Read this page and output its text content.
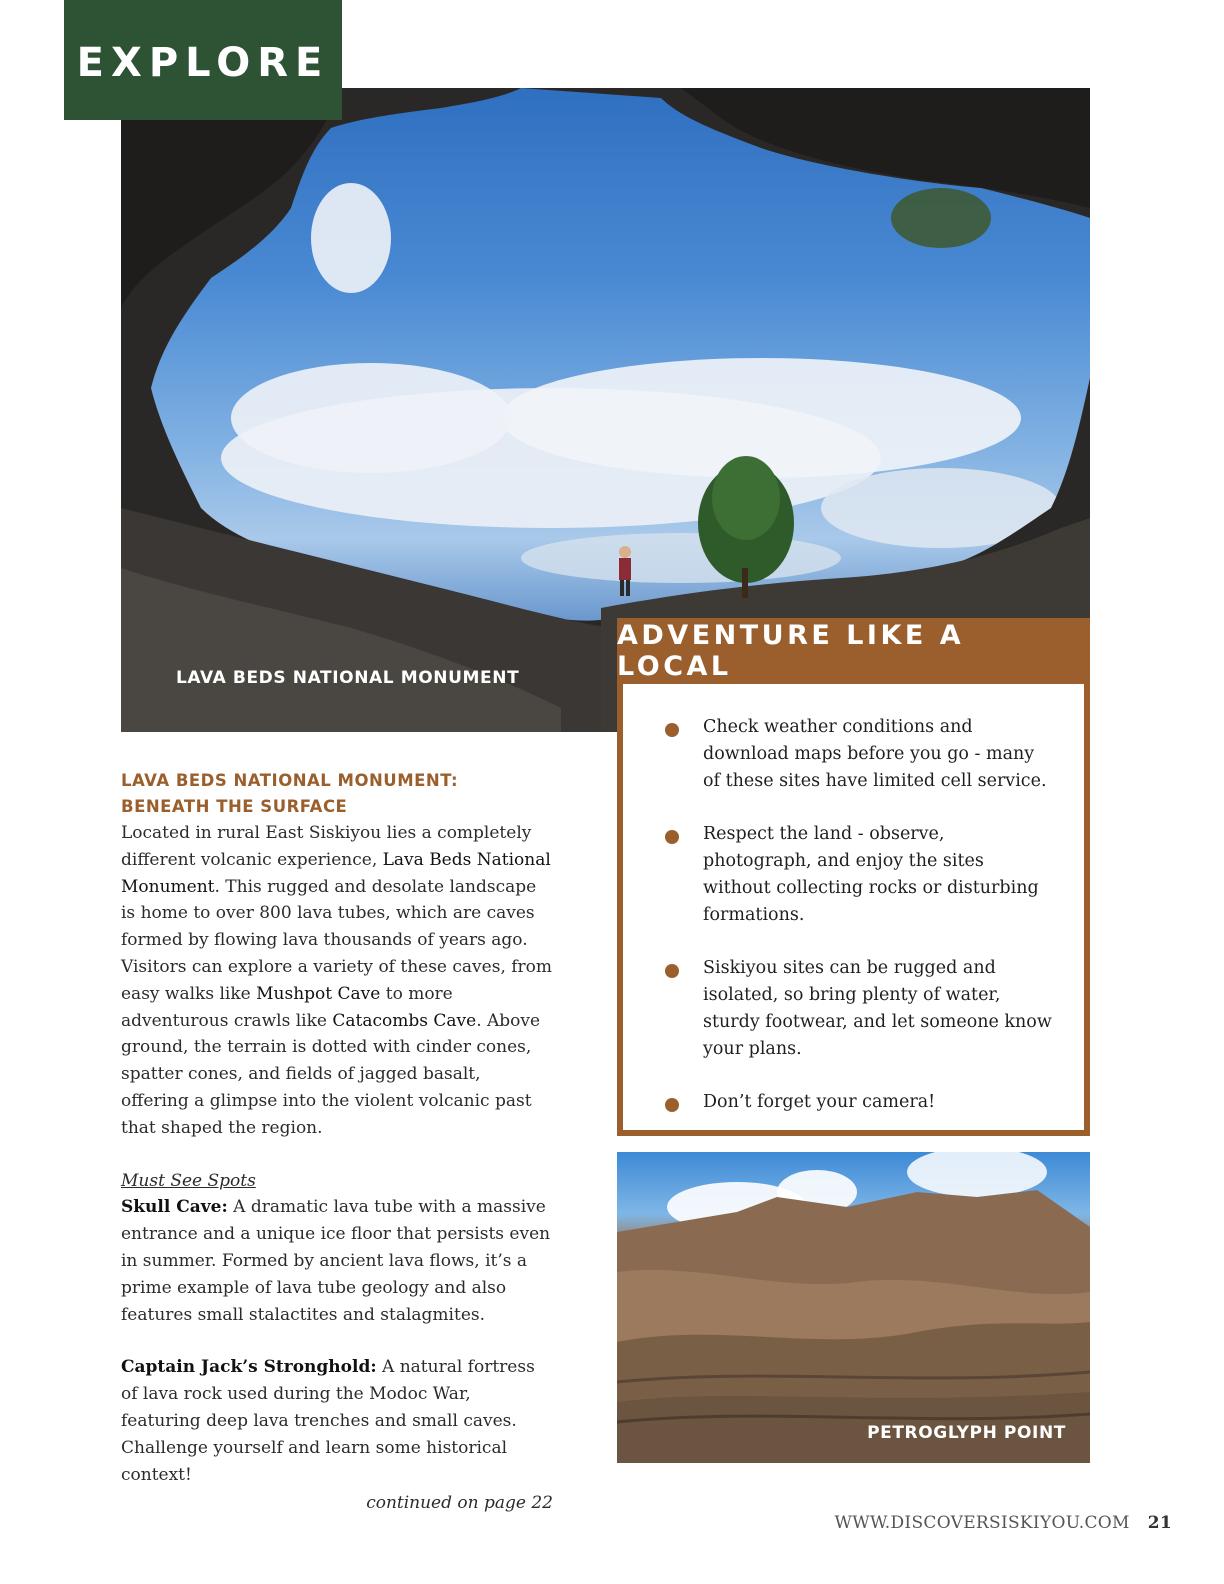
EXPLORE
LAVA BEDS NATIONAL MONUMENT
ADVENTURE LIKE A LOCAL
Check weather conditions and download maps before you go - many of these sites have limited cell service.
Respect the land - observe, photograph, and enjoy the sites without collecting rocks or disturbing formations.
Siskiyou sites can be rugged and isolated, so bring plenty of water, sturdy footwear, and let someone know your plans.
Don’t forget your camera!
LAVA BEDS NATIONAL MONUMENT:
BENEATH THE SURFACE

Located in rural East Siskiyou lies a completely different volcanic experience, Lava Beds National Monument. This rugged and desolate landscape is home to over 800 lava tubes, which are caves formed by flowing lava thousands of years ago. Visitors can explore a variety of these caves, from easy walks like Mushpot Cave to more adventurous crawls like Catacombs Cave. Above ground, the terrain is dotted with cinder cones, spatter cones, and fields of jagged basalt, offering a glimpse into the violent volcanic past that shaped the region.

Must See Spots

Skull Cave: A dramatic lava tube with a massive entrance and a unique ice floor that persists even in summer. Formed by ancient lava flows, it’s a prime example of lava tube geology and also features small stalactites and stalagmites.

Captain Jack’s Stronghold: A natural fortress of lava rock used during the Modoc War, featuring deep lava trenches and small caves. Challenge yourself and learn some historical context!

continued on page 22
PETROGLYPH POINT
WWW.DISCOVERSISKIYOU.COM 21
